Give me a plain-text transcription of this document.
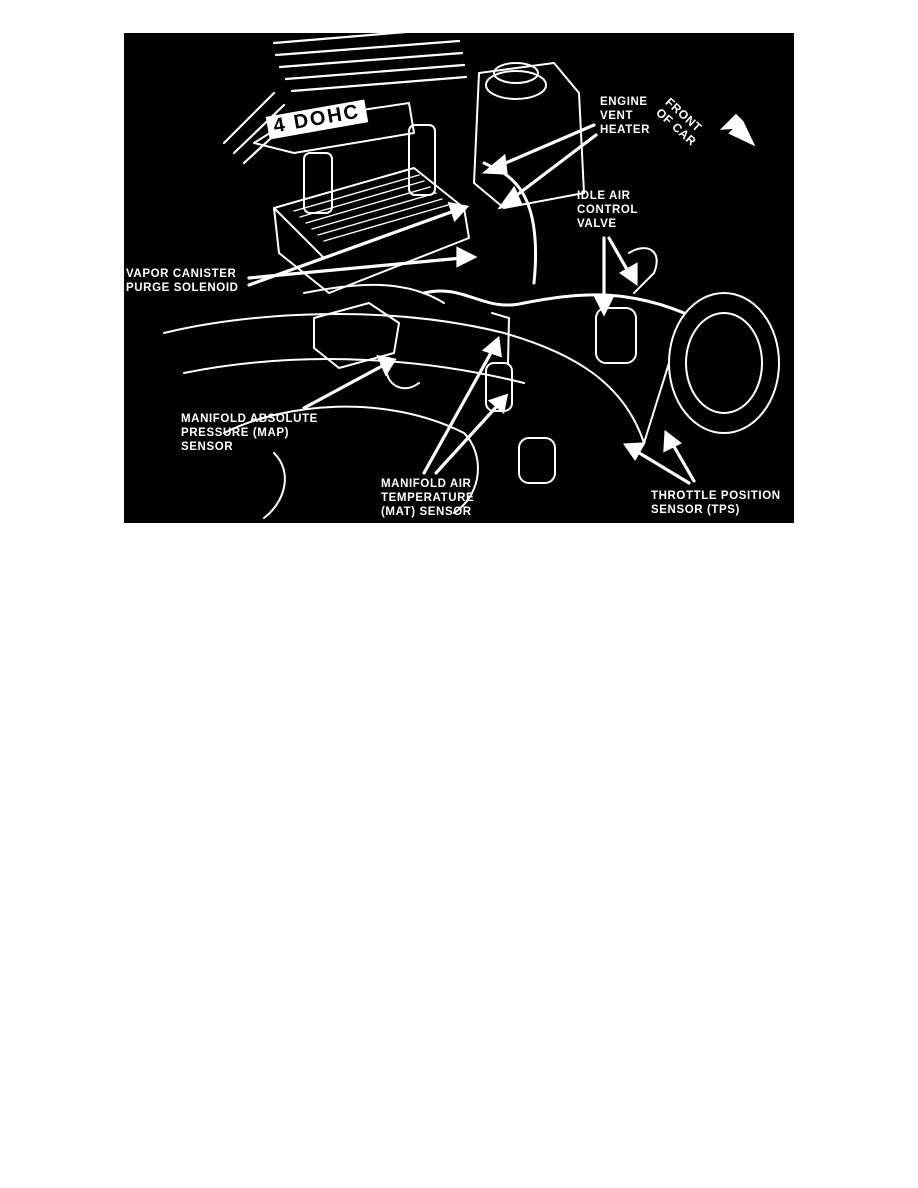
4 DOHC	FRONT
OF CAR
ENGINE
VENT
HEATER
IDLE AIR
CONTROL
VALVE
VAPOR CANISTER
PURGE SOLENOID
MANIFOLD ABSOLUTE
PRESSURE (MAP)
SENSOR
MANIFOLD AIR
TEMPERATURE
(MAT) SENSOR
THROTTLE POSITION
SENSOR (TPS)
